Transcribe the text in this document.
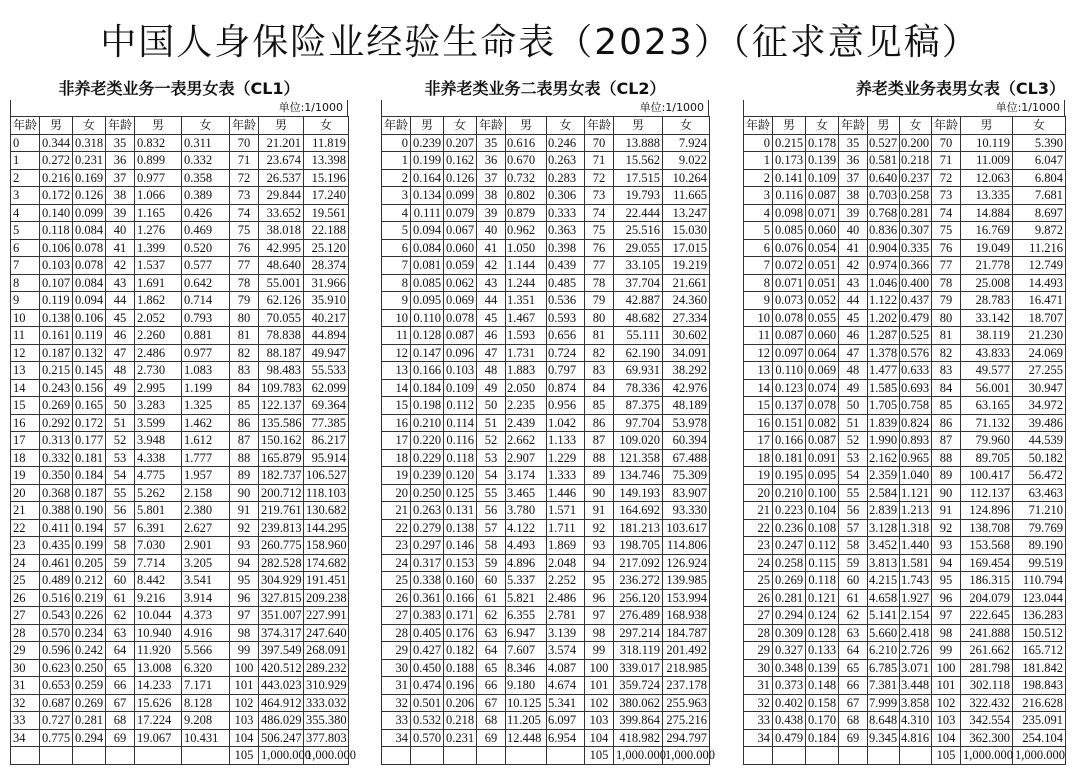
中国人身保险业经验生命表（2023）（征求意见稿）
非养老类业务一表男女表（CL1）
单位:1/1000
年龄	男	女	年龄	男	女	年龄	男	女
0	0.344	0.318	35	0.832	0.311	70	21.201	11.819
1	0.272	0.231	36	0.899	0.332	71	23.674	13.398
2	0.216	0.169	37	0.977	0.358	72	26.537	15.196
3	0.172	0.126	38	1.066	0.389	73	29.844	17.240
4	0.140	0.099	39	1.165	0.426	74	33.652	19.561
5	0.118	0.084	40	1.276	0.469	75	38.018	22.188
6	0.106	0.078	41	1.399	0.520	76	42.995	25.120
7	0.103	0.078	42	1.537	0.577	77	48.640	28.374
8	0.107	0.084	43	1.691	0.642	78	55.001	31.966
9	0.119	0.094	44	1.862	0.714	79	62.126	35.910
10	0.138	0.106	45	2.052	0.793	80	70.055	40.217
11	0.161	0.119	46	2.260	0.881	81	78.838	44.894
12	0.187	0.132	47	2.486	0.977	82	88.187	49.947
13	0.215	0.145	48	2.730	1.083	83	98.483	55.533
14	0.243	0.156	49	2.995	1.199	84	109.783	62.099
15	0.269	0.165	50	3.283	1.325	85	122.137	69.364
16	0.292	0.172	51	3.599	1.462	86	135.586	77.385
17	0.313	0.177	52	3.948	1.612	87	150.162	86.217
18	0.332	0.181	53	4.338	1.777	88	165.879	95.914
19	0.350	0.184	54	4.775	1.957	89	182.737	106.527
20	0.368	0.187	55	5.262	2.158	90	200.712	118.103
21	0.388	0.190	56	5.801	2.380	91	219.761	130.682
22	0.411	0.194	57	6.391	2.627	92	239.813	144.295
23	0.435	0.199	58	7.030	2.901	93	260.775	158.960
24	0.461	0.205	59	7.714	3.205	94	282.528	174.682
25	0.489	0.212	60	8.442	3.541	95	304.929	191.451
26	0.516	0.219	61	9.216	3.914	96	327.815	209.238
27	0.543	0.226	62	10.044	4.373	97	351.007	227.991
28	0.570	0.234	63	10.940	4.916	98	374.317	247.640
29	0.596	0.242	64	11.920	5.566	99	397.549	268.091
30	0.623	0.250	65	13.008	6.320	100	420.512	289.232
31	0.653	0.259	66	14.233	7.171	101	443.023	310.929
32	0.687	0.269	67	15.626	8.128	102	464.912	333.032
33	0.727	0.281	68	17.224	9.208	103	486.029	355.380
34	0.775	0.294	69	19.067	10.431	104	506.247	377.803
						105	1,000.000	1,000.000
非养老类业务二表男女表（CL2）
单位:1/1000
年龄	男	女	年龄	男	女	年龄	男	女
0	0.239	0.207	35	0.616	0.246	70	13.888	7.924
1	0.199	0.162	36	0.670	0.263	71	15.562	9.022
2	0.164	0.126	37	0.732	0.283	72	17.515	10.264
3	0.134	0.099	38	0.802	0.306	73	19.793	11.665
4	0.111	0.079	39	0.879	0.333	74	22.444	13.247
5	0.094	0.067	40	0.962	0.363	75	25.516	15.030
6	0.084	0.060	41	1.050	0.398	76	29.055	17.015
7	0.081	0.059	42	1.144	0.439	77	33.105	19.219
8	0.085	0.062	43	1.244	0.485	78	37.704	21.661
9	0.095	0.069	44	1.351	0.536	79	42.887	24.360
10	0.110	0.078	45	1.467	0.593	80	48.682	27.334
11	0.128	0.087	46	1.593	0.656	81	55.111	30.602
12	0.147	0.096	47	1.731	0.724	82	62.190	34.091
13	0.166	0.103	48	1.883	0.797	83	69.931	38.292
14	0.184	0.109	49	2.050	0.874	84	78.336	42.976
15	0.198	0.112	50	2.235	0.956	85	87.375	48.189
16	0.210	0.114	51	2.439	1.042	86	97.704	53.978
17	0.220	0.116	52	2.662	1.133	87	109.020	60.394
18	0.229	0.118	53	2.907	1.229	88	121.358	67.488
19	0.239	0.120	54	3.174	1.333	89	134.746	75.309
20	0.250	0.125	55	3.465	1.446	90	149.193	83.907
21	0.263	0.131	56	3.780	1.571	91	164.692	93.330
22	0.279	0.138	57	4.122	1.711	92	181.213	103.617
23	0.297	0.146	58	4.493	1.869	93	198.705	114.806
24	0.317	0.153	59	4.896	2.048	94	217.092	126.924
25	0.338	0.160	60	5.337	2.252	95	236.272	139.985
26	0.361	0.166	61	5.821	2.486	96	256.120	153.994
27	0.383	0.171	62	6.355	2.781	97	276.489	168.938
28	0.405	0.176	63	6.947	3.139	98	297.214	184.787
29	0.427	0.182	64	7.607	3.574	99	318.119	201.492
30	0.450	0.188	65	8.346	4.087	100	339.017	218.985
31	0.474	0.196	66	9.180	4.674	101	359.724	237.178
32	0.501	0.206	67	10.125	5.341	102	380.062	255.963
33	0.532	0.218	68	11.205	6.097	103	399.864	275.216
34	0.570	0.231	69	12.448	6.954	104	418.982	294.797
						105	1,000.000	1,000.000
养老类业务表男女表（CL3）
单位:1/1000
年龄	男	女	年龄	男	女	年龄	男	女
0	0.215	0.178	35	0.527	0.200	70	10.119	5.390
1	0.173	0.139	36	0.581	0.218	71	11.009	6.047
2	0.141	0.109	37	0.640	0.237	72	12.063	6.804
3	0.116	0.087	38	0.703	0.258	73	13.335	7.681
4	0.098	0.071	39	0.768	0.281	74	14.884	8.697
5	0.085	0.060	40	0.836	0.307	75	16.769	9.872
6	0.076	0.054	41	0.904	0.335	76	19.049	11.216
7	0.072	0.051	42	0.974	0.366	77	21.778	12.749
8	0.071	0.051	43	1.046	0.400	78	25.008	14.493
9	0.073	0.052	44	1.122	0.437	79	28.783	16.471
10	0.078	0.055	45	1.202	0.479	80	33.142	18.707
11	0.087	0.060	46	1.287	0.525	81	38.119	21.230
12	0.097	0.064	47	1.378	0.576	82	43.833	24.069
13	0.110	0.069	48	1.477	0.633	83	49.577	27.255
14	0.123	0.074	49	1.585	0.693	84	56.001	30.947
15	0.137	0.078	50	1.705	0.758	85	63.165	34.972
16	0.151	0.082	51	1.839	0.824	86	71.132	39.486
17	0.166	0.087	52	1.990	0.893	87	79.960	44.539
18	0.181	0.091	53	2.162	0.965	88	89.705	50.182
19	0.195	0.095	54	2.359	1.040	89	100.417	56.472
20	0.210	0.100	55	2.584	1.121	90	112.137	63.463
21	0.223	0.104	56	2.839	1.213	91	124.896	71.210
22	0.236	0.108	57	3.128	1.318	92	138.708	79.769
23	0.247	0.112	58	3.452	1.440	93	153.568	89.190
24	0.258	0.115	59	3.813	1.581	94	169.454	99.519
25	0.269	0.118	60	4.215	1.743	95	186.315	110.794
26	0.281	0.121	61	4.658	1.927	96	204.079	123.044
27	0.294	0.124	62	5.141	2.154	97	222.645	136.283
28	0.309	0.128	63	5.660	2.418	98	241.888	150.512
29	0.327	0.133	64	6.210	2.726	99	261.662	165.712
30	0.348	0.139	65	6.785	3.071	100	281.798	181.842
31	0.373	0.148	66	7.381	3.448	101	302.118	198.843
32	0.402	0.158	67	7.999	3.858	102	322.432	216.628
33	0.438	0.170	68	8.648	4.310	103	342.554	235.091
34	0.479	0.184	69	9.345	4.816	104	362.300	254.104
						105	1,000.000	1,000.000
